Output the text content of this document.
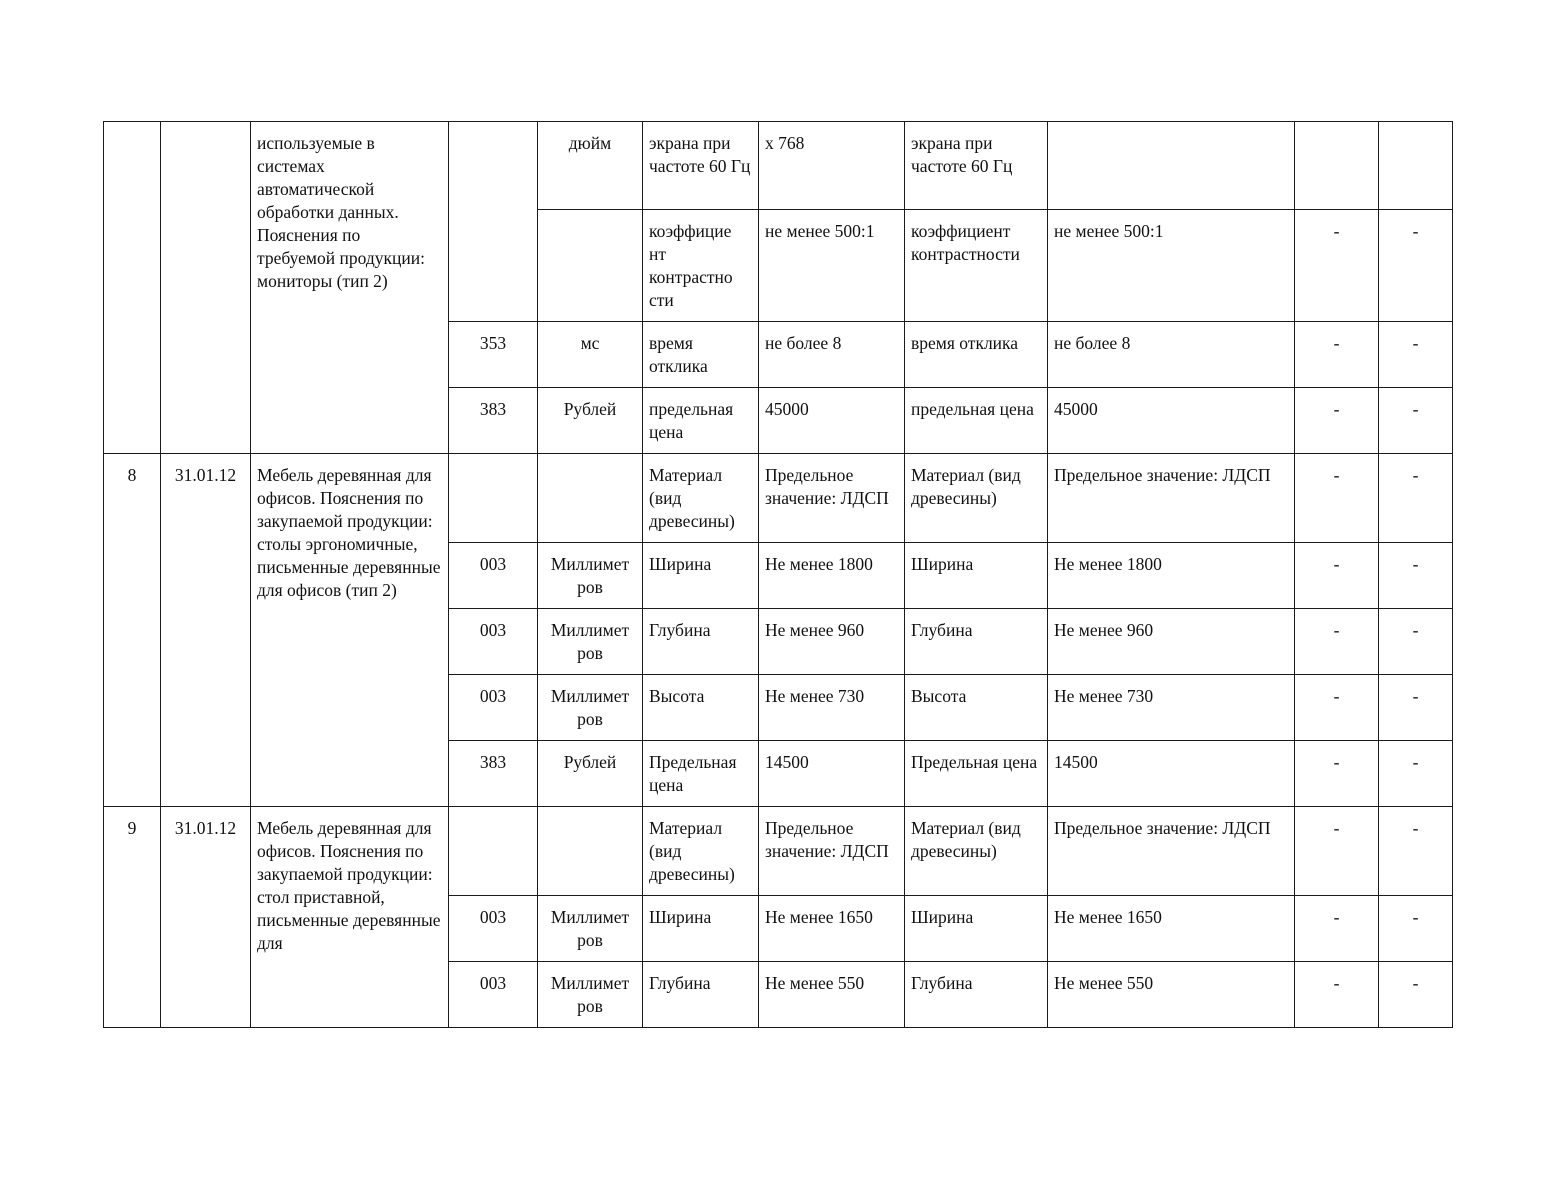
		используемые в системах автоматической обработки данных. Пояснения по требуемой продукции: мониторы (тип 2)		дюйм	экрана при частоте 60 Гц	x 768	экрана при частоте 60 Гц			
					коэффицие нт контрастно сти	не менее 500:1	коэффициент контрастности	не менее 500:1	-	-
			353	мс	время отклика	не более 8	время отклика	не более 8	-	-
			383	Рублей	предельная цена	45000	предельная цена	45000	-	-
8	31.01.12	Мебель деревянная для офисов. Пояснения по закупаемой продукции: столы эргономичные, письменные деревянные для офисов (тип 2)			Материал (вид древесины)	Предельное значение: ЛДСП	Материал (вид древесины)	Предельное значение: ЛДСП	-	-
			003	Миллимет ров	Ширина	Не менее 1800	Ширина	Не менее 1800	-	-
			003	Миллимет ров	Глубина	Не менее 960	Глубина	Не менее 960	-	-
			003	Миллимет ров	Высота	Не менее 730	Высота	Не менее 730	-	-
			383	Рублей	Предельная цена	14500	Предельная цена	14500	-	-
9	31.01.12	Мебель деревянная для офисов. Пояснения по закупаемой продукции: стол приставной, письменные деревянные для			Материал (вид древесины)	Предельное значение: ЛДСП	Материал (вид древесины)	Предельное значение: ЛДСП	-	-
			003	Миллимет ров	Ширина	Не менее 1650	Ширина	Не менее 1650	-	-
			003	Миллимет ров	Глубина	Не менее 550	Глубина	Не менее 550	-	-
